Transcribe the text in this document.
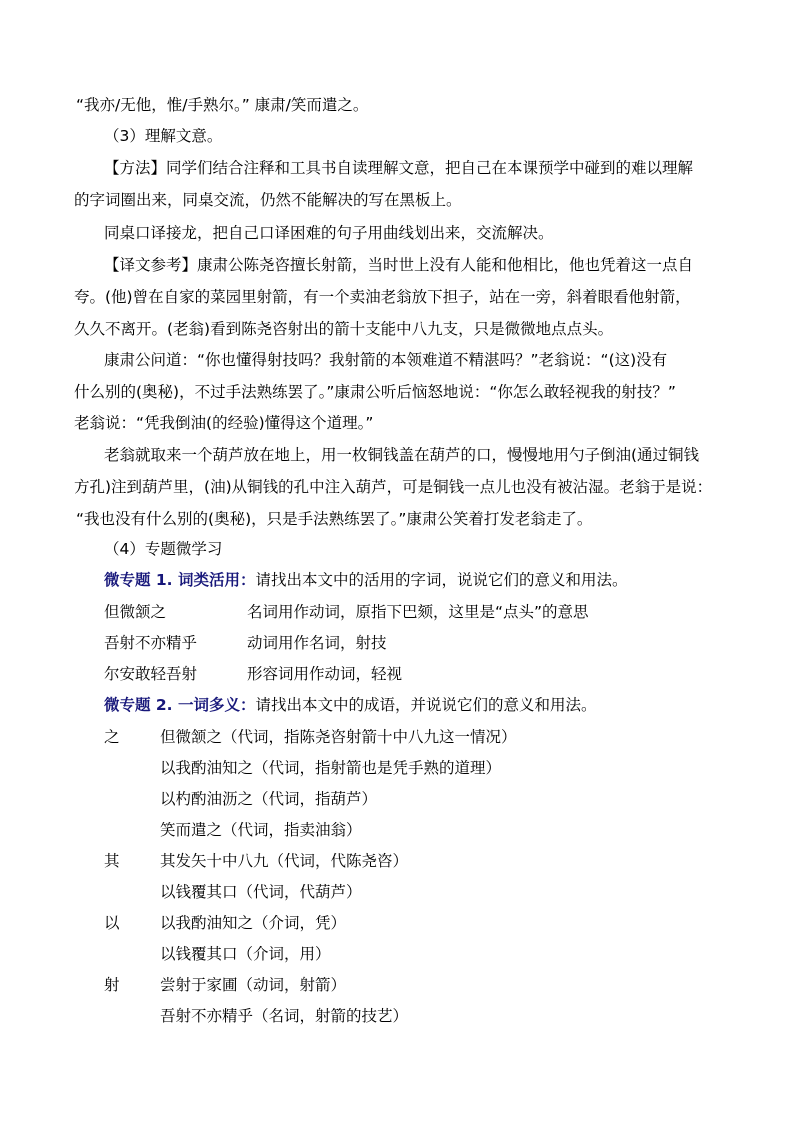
“我亦/无他，惟/手熟尔。” 康肃/笑而遣之。
（3）理解文意。
【方法】同学们结合注释和工具书自读理解文意，把自己在本课预学中碰到的难以理解
的字词圈出来，同桌交流，仍然不能解决的写在黑板上。
同桌口译接龙，把自己口译困难的句子用曲线划出来，交流解决。
【译文参考】康肃公陈尧咨擅长射箭，当时世上没有人能和他相比，他也凭着这一点自
夸。(他)曾在自家的菜园里射箭，有一个卖油老翁放下担子，站在一旁，斜着眼看他射箭，
久久不离开。(老翁)看到陈尧咨射出的箭十支能中八九支，只是微微地点点头。
康肃公问道：“你也懂得射技吗？我射箭的本领难道不精湛吗？”老翁说：“(这)没有
什么别的(奥秘)，不过手法熟练罢了。”康肃公听后恼怒地说：“你怎么敢轻视我的射技？”
老翁说：“凭我倒油(的经验)懂得这个道理。”
老翁就取来一个葫芦放在地上，用一枚铜钱盖在葫芦的口，慢慢地用勺子倒油(通过铜钱
方孔)注到葫芦里，(油)从铜钱的孔中注入葫芦，可是铜钱一点儿也没有被沾湿。老翁于是说：
“我也没有什么别的(奥秘)，只是手法熟练罢了。”康肃公笑着打发老翁走了。
（4）专题微学习
微专题 1. 词类活用：请找出本文中的活用的字词，说说它们的意义和用法。
但微颔之	名词用作动词，原指下巴颏，这里是“点头”的意思
吾射不亦精乎	动词用作名词，射技
尔安敢轻吾射	形容词用作动词，轻视
微专题 2. 一词多义：请找出本文中的成语，并说说它们的意义和用法。
之	但微颔之（代词，指陈尧咨射箭十中八九这一情况）
以我酌油知之（代词，指射箭也是凭手熟的道理）
以杓酌油沥之（代词，指葫芦）
笑而遣之（代词，指卖油翁）
其	其发矢十中八九（代词，代陈尧咨）
以钱覆其口（代词，代葫芦）
以	以我酌油知之（介词，凭）
以钱覆其口（介词，用）
射	尝射于家圃（动词，射箭）
吾射不亦精乎（名词，射箭的技艺）
